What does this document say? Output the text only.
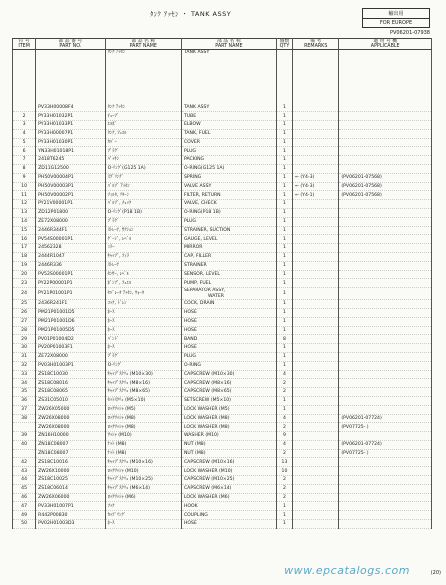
ﾀﾝｸ ｱｯｾﾝ ・ TANK ASSY	輸出用
FOR EUROPE
PV06201-07938
符 号
ITEM	部 品 番 号
PART NO.	部 品 名 称
PART NAME	部 品 名 称
PART NAME	個数
QTY	備 考
REMARKS	適 用 号 機
APPLICABLE
		ﾀﾝｸ ｱｯｾﾝ	TANK ASSY			
	PV33H00008F4	ﾀﾝｸ ｱｯｾﾝ	TANK ASSY	1		
2	PY33H01032P1	ﾁｭｰﾌﾞ	TUBE	1		
3	PY33H01033P1	ｴﾙﾎﾞ	ELBOW	1		
4	PY33H00007P1	ﾀﾝｸ, ﾌｭｴﾙ	TANK, FUEL	1		
5	PY33H01030P1	ｶﾊﾞｰ	COVER	1		
6	YN33H01018P1	ﾌﾟﾗｸﾞ	PLUG	1		
7	2418T6245	ﾊﾟｯｷﾝ	PACKING	1		
8	ZD11G12500	O-ﾘﾝｸﾞ(G125 1A)	O-RING(G125 1A)	1		
9	PH50V00004P1	ｽﾌﾟﾘﾝｸﾞ	SPRING	1	← (Y4-3)	(PV06201-07568)
10	PH50V00003P1	ﾊﾞﾙﾌﾞ ｱｯｾﾝ	VALVE ASSY	1	← (Y4-3)	(PV06201-07568)
11	PH50V00002P1	ﾌｨﾙﾀ, ﾘﾀｰﾝ	FILTER, RETURN	1	← (Y4-1)	(PV06201-07568)
12	PY21V00001P1	ﾊﾞﾙﾌﾞ, ﾁｪｯｸ	VALVE, CHECK	1		
13	ZD12P01800	O-ﾘﾝｸﾞ(P18 1B)	O-RING(P18 1B)	1		
14	ZE72X08000	ﾌﾟﾗｸﾞ	PLUG	1		
15	2446R344F1	ｽﾄﾚｰﾅ, ｻｸｼｮﾝ	STRAINER, SUCTION	1		
16	PV54S00001P1	ｹﾞｰｼﾞ, ﾚﾍﾞﾙ	GAUGE, LEVEL	1		
17	24562328	ﾐﾗｰ	MIRROR	1		
18	2444R1047	ｷｬｯﾌﾟ, ﾌｨﾗ	CAP, FILLER	1		
19	2446R336	ｽﾄﾚｰﾅ	STRAINER	1		
20	PV52S00001P1	ｾﾝｻｰ, ﾚﾍﾞﾙ	SENSOR, LEVEL	1		
23	PY22P00001P1	ﾎﾟﾝﾌﾟ, ﾌｭｴﾙ	PUMP, FUEL	1		
24	PY21P01001P1	ｾﾊﾟﾚｰﾀ ｱｯｾﾝ, ｳｫｰﾀ	SEPARATOR ASSY,
WATER	1		
25	2436R241F1	ｺｯｸ, ﾄﾞﾚﾝ	COCK, DRAIN	1		
26	PM21P01001D5	ﾎｰｽ	HOSE	1		
27	PM21P01001D6	ﾎｰｽ	HOSE	1		
28	PM21P01005D5	ﾎｰｽ	HOSE	1		
29	PV01P01004D2	ﾊﾞﾝﾄﾞ	BAND	8		
30	PV20P01003F1	ﾎｰｽ	HOSE	1		
31	ZE72X08000	ﾌﾟﾗｸﾞ	PLUG	1		
32	PV03H01003P1	O-ﾘﾝｸﾞ	O-RING	1		
33	ZS18C10030	ｷｬｯﾌﾟｽｸﾘｭ (M10×30)	CAPSCREW (M10×30)	4		
34	ZS18C08016	ｷｬｯﾌﾟｽｸﾘｭ (M8×16)	CAPSCREW (M8×16)	2		
35	ZS18C08065	ｷｬｯﾌﾟｽｸﾘｭ (M8×65)	CAPSCREW (M8×65)	2		
36	ZS31C05010	ｾｯﾄｽｸﾘｭ (M5×10)	SETSCREW (M5×10)	1		
37	ZW26X05000	ﾛｯｸﾜｯｼｬ (M5)	LOCK WASHER (M5)	1		
38	ZW26X08000	ﾛｯｸﾜｯｼｬ (M8)	LOCK WASHER (M8)	4		(PV06201-07724)
	ZW26X08000	ﾛｯｸﾜｯｼｬ (M8)	LOCK WASHER (M8)	2		(PV07725- )
39	ZN16H10000	ﾜｯｼｬ (M10)	WASHER (M10)	9		
40	ZN18C08007	ﾅｯﾄ (M8)	NUT (M8)	4		(PV06201-07724)
	ZN18C08007	ﾅｯﾄ (M8)	NUT (M8)	2		(PV07725- )
42	ZS18C10016	ｷｬｯﾌﾟｽｸﾘｭ (M10×16)	CAPSCREW (M10×16)	13		
43	ZW26X10000	ﾛｯｸﾜｯｼｬ (M10)	LOCK WASHER (M10)	10		
44	ZS18C10025	ｷｬｯﾌﾟｽｸﾘｭ (M10×25)	CAPSCREW (M10×25)	2		
45	ZS18C06014	ｷｬｯﾌﾟｽｸﾘｭ (M6×14)	CAPSCREW (M6×14)	2		
46	ZW26X06000	ﾛｯｸﾜｯｼｬ (M6)	LOCK WASHER (M6)	2		
47	PV33H01007P1	ﾌｯｸ	HOOK	1		
49	R442P00830	ｶｯﾌﾟﾘﾝｸﾞ	COUPLING	1		
50	PV02H01003D3	ﾎｰｽ	HOSE	1		
www.epcatalogs.com	(20)
